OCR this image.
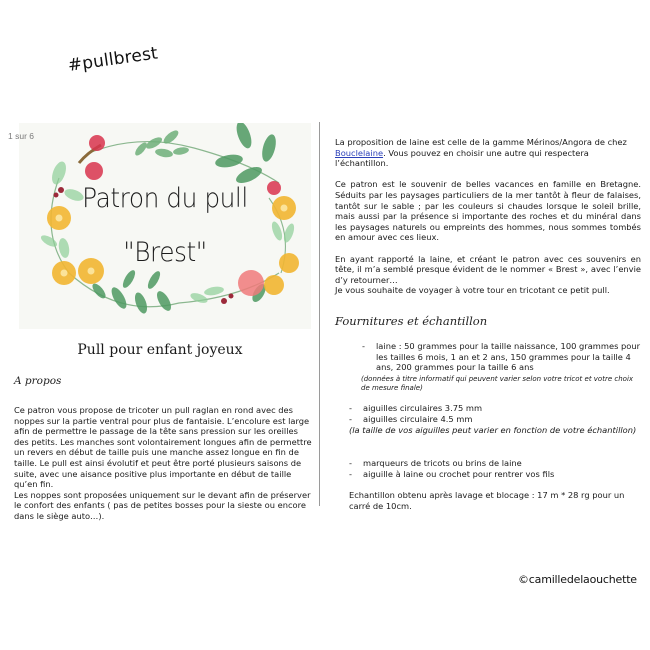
#pullbrest
1 sur 6
Patron du pull
"Brest"
Pull pour enfant joyeux
A propos

Ce patron vous propose de tricoter un pull raglan en rond avec des noppes sur la partie ventral pour plus de fantaisie. L’encolure est large afin de permettre le passage de la tête sans pression sur les oreilles des petits. Les manches sont volontairement longues afin de permettre un revers en début de taille puis une manche assez longue en fin de taille. Le pull est ainsi évolutif et peut être porté plusieurs saisons de suite, avec une aisance positive plus importante en début de taille qu’en fin.

Les noppes sont proposées uniquement sur le devant afin de préserver le confort des enfants ( pas de petites bosses pour la sieste ou encore dans le siège auto…).

La proposition de laine est celle de la gamme Mérinos/Angora de chez Bouclelaine. Vous pouvez en choisir une autre qui respectera l’échantillon.

Ce patron est le souvenir de belles vacances en famille en Bretagne. Séduits par les paysages particuliers de la mer tantôt à fleur de falaises, tantôt sur le sable ; par les couleurs si chaudes lorsque le soleil brille, mais aussi par la présence si importante des roches et du minéral dans les paysages naturels ou empreints des hommes, nous sommes tombés en amour avec ces lieux.

En ayant rapporté la laine, et créant le patron avec ces souvenirs en tête, il m’a semblé presque évident de le nommer « Brest », avec l’envie d’y retourner…

Je vous souhaite de voyager à votre tour en tricotant ce petit pull.

Fournitures et échantillon
- laine : 50 grammes pour la taille naissance, 100 grammes pour les tailles 6 mois, 1 an et 2 ans, 150 grammes pour la taille 4 ans, 200 grammes pour la taille 6 ans
(données à titre informatif qui peuvent varier selon votre tricot et votre choix de mesure finale)
- aiguilles circulaires 3.75 mm
- aiguilles circulaire 4.5 mm
(la taille de vos aiguilles peut varier en fonction de votre échantillon)
- marqueurs de tricots ou brins de laine
- aiguille à laine ou crochet pour rentrer vos fils
Echantillon obtenu après lavage et blocage : 17 m * 28 rg pour un carré de 10cm.
©camilledelaouchette
